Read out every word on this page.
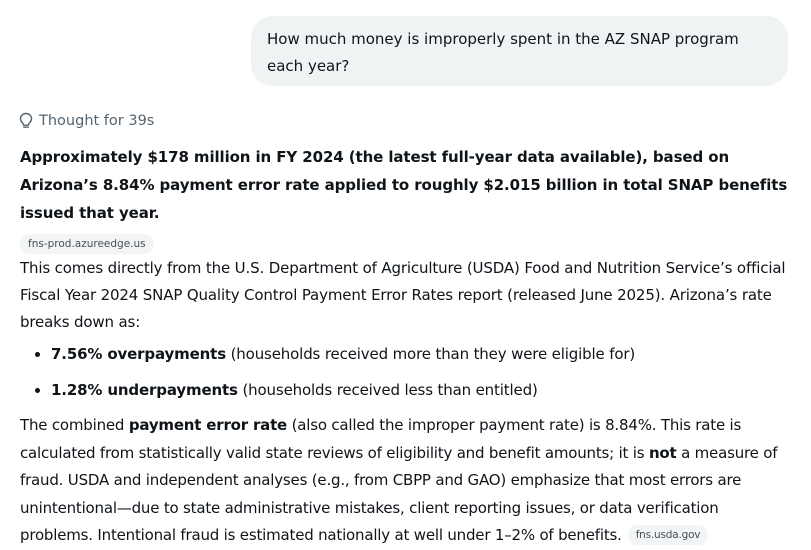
How much money is improperly spent in the AZ SNAP program each year?
Thought for 39s

Approximately $178 million in FY 2024 (the latest full-year data available), based on Arizona’s 8.84% payment error rate applied to roughly $2.015 billion in total SNAP benefits issued that year.

fns-prod.azureedge.us

This comes directly from the U.S. Department of Agriculture (USDA) Food and Nutrition Service’s official Fiscal Year 2024 SNAP Quality Control Payment Error Rates report (released June 2025). Arizona’s rate breaks down as:

7.56% overpayments (households received more than they were eligible for)
1.28% underpayments (households received less than entitled)

The combined payment error rate (also called the improper payment rate) is 8.84%. This rate is calculated from statistically valid state reviews of eligibility and benefit amounts; it is not a measure of fraud. USDA and independent analyses (e.g., from CBPP and GAO) emphasize that most errors are unintentional—due to state administrative mistakes, client reporting issues, or data verification problems. Intentional fraud is estimated nationally at well under 1–2% of benefits. fns.usda.gov
